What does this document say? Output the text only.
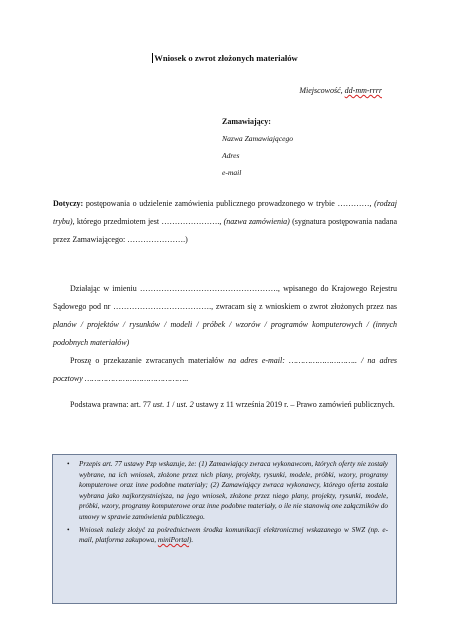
Wniosek o zwrot złożonych materiałów
Miejscowość, dd-mm-rrrr
Zamawiający:
Nazwa Zamawiającego
Adres
e-mail
Dotyczy: postępowania o udzielenie zamówienia publicznego prowadzonego w trybie …………, (rodzaj trybu), którego przedmiotem jest …………………., (nazwa zamówienia) (sygnatura postępowania nadana przez Zamawiającego: ………………….)
Działając w imieniu ……………………………………………., wpisanego do Krajowego Rejestru Sądowego pod nr ………………………………., zwracam się z wnioskiem o zwrot złożonych przez nas planów / projektów / rysunków / modeli / próbek / wzorów / programów komputerowych / (innych podobnych materiałów)
Proszę o przekazanie zwracanych materiałów na adres e-mail: ……………………….. / na adres pocztowy ……………………………………..
Podstawa prawna: art. 77 ust. 1 / ust. 2 ustawy z 11 września 2019 r. – Prawo zamówień publicznych.
• Przepis art. 77 ustawy Pzp wskazuje, że: (1) Zamawiający zwraca wykonawcom, których oferty nie zostały wybrane, na ich wniosek, złożone przez nich plany, projekty, rysunki, modele, próbki, wzory, programy komputerowe oraz inne podobne materiały; (2) Zamawiający zwraca wykonawcy, którego oferta została wybrana jako najkorzystniejsza, na jego wniosek, złożone przez niego plany, projekty, rysunki, modele, próbki, wzory, programy komputerowe oraz inne podobne materiały, o ile nie stanowią one załączników do umowy w sprawie zamówienia publicznego.
• Wniosek należy złożyć za pośrednictwem środka komunikacji elektronicznej wskazanego w SWZ (np. e-mail, platforma zakupowa, miniPortal).
